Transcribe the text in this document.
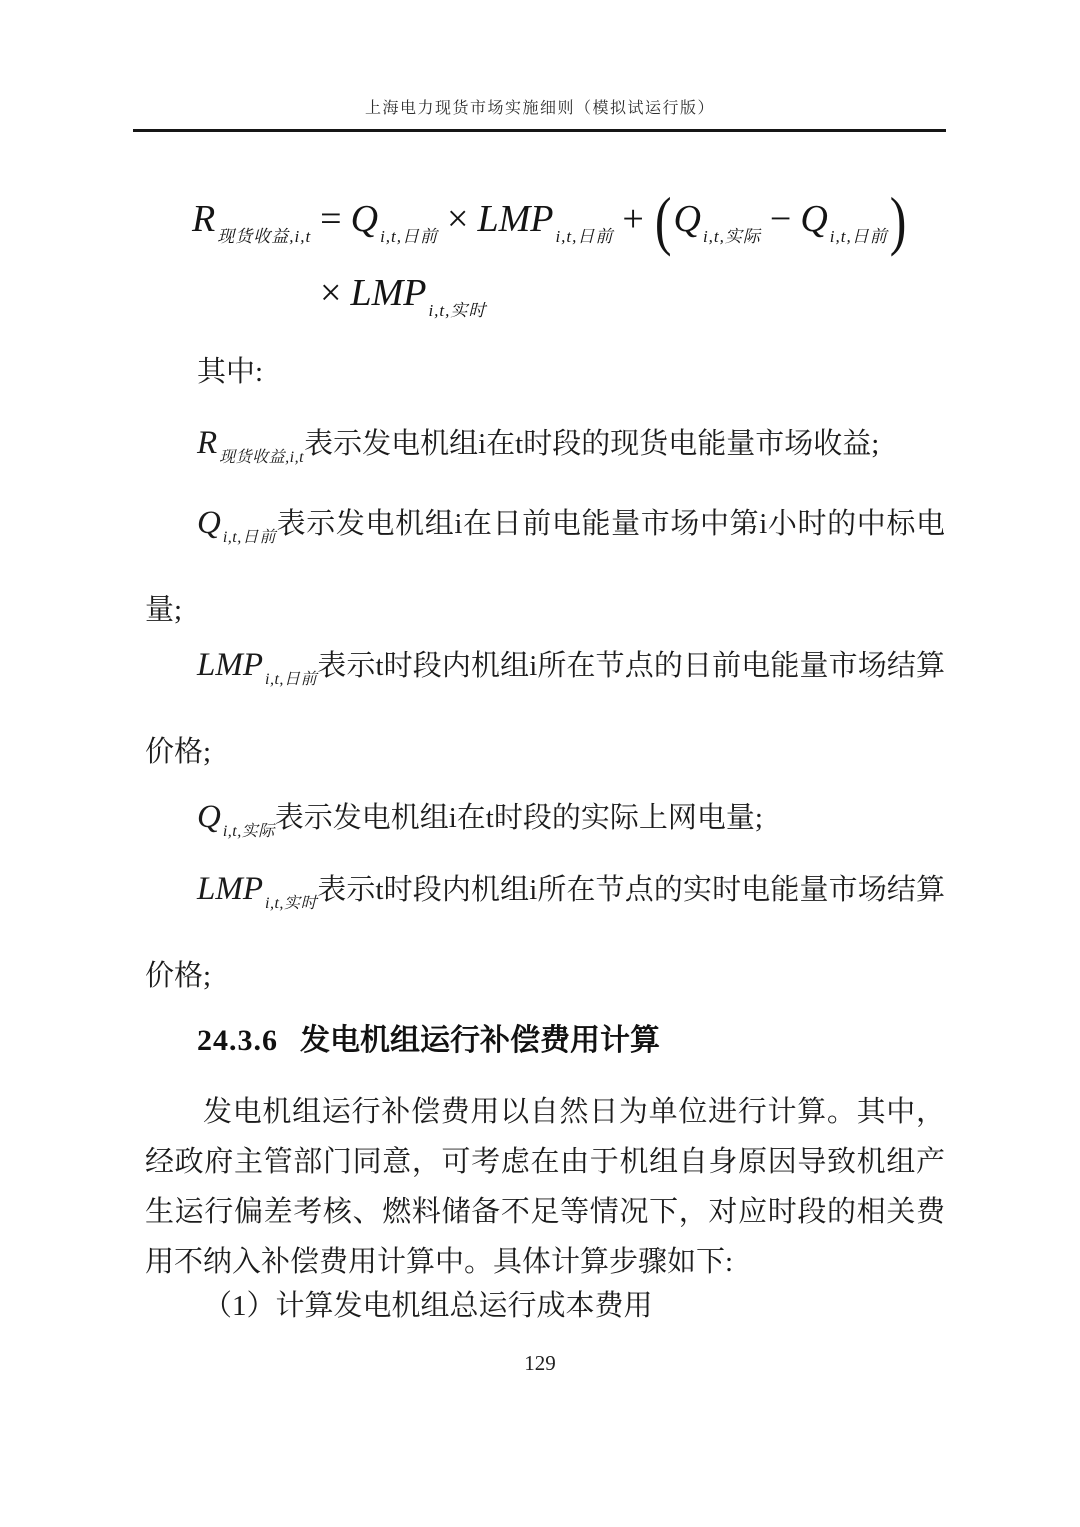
上海电力现货市场实施细则（模拟试运行版）
R $_{现货收益,i,t}$ = Q $_{i,t,日前}$ × LMP $_{i,t,日前}$ + (Q $_{i,t,实际}$ − Q $_{i,t,日前}$)
× LMP $_{i,t,实时}$
其中:

R $_{现货收益,i,t}$表示发电机组i在t时段的现货电能量市场收益;

Q $_{i,t,日前}$表示发电机组i在日前电能量市场中第i小时的中标电量;

LMP $_{i,t,日前}$表示t时段内机组i所在节点的日前电能量市场结算价格;

Q $_{i,t,实际}$表示发电机组i在t时段的实际上网电量;

LMP $_{i,t,实时}$表示t时段内机组i所在节点的实时电能量市场结算价格;

24.3.6 发电机组运行补偿费用计算

发电机组运行补偿费用以自然日为单位进行计算。其中，经政府主管部门同意，可考虑在由于机组自身原因导致机组产生运行偏差考核、燃料储备不足等情况下，对应时段的相关费用不纳入补偿费用计算中。具体计算步骤如下:

（1）计算发电机组总运行成本费用

129
